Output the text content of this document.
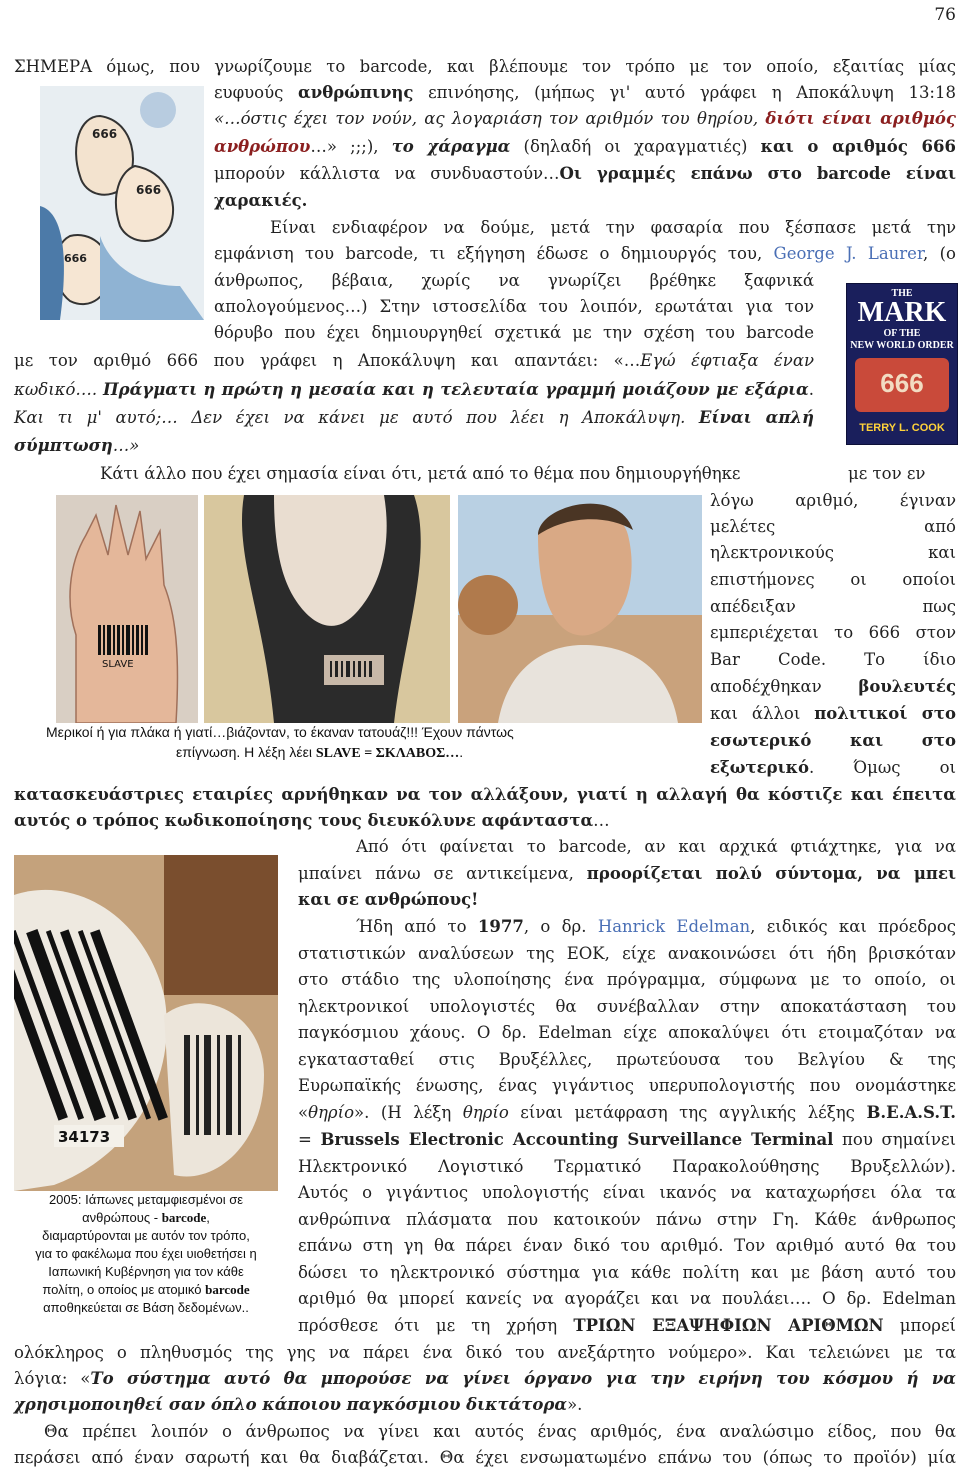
76
666
666
666
ΣΗΜΕΡΑ όμως, που γνωρίζουμε το barcode, και βλέπουμε τον τρόπο με τον οποίο, εξαιτίας μίας
ευφυούς ανθρώπινης επινόησης, (μήπως γι' αυτό γράφει η Αποκάλυψη 13:18
«…όστις έχει τον νούν, ας λογαριάση τον αριθμόν του θηρίου, διότι είναι αριθμός
ανθρώπου…» ;;;), το χάραγμα (δηλαδή οι χαραγματιές) και ο αριθμός 666
μπορούν κάλλιστα να συνδυαστούν…Οι γραμμές επάνω στο barcode είναι
χαρακιές.
Είναι ενδιαφέρον να δούμε, μετά την φασαρία που ξέσπασε μετά την
εμφάνιση του barcode, τι εξήγηση έδωσε ο δημιουργός του, George J. Laurer, (ο
άνθρωπος, βέβαια, χωρίς να γνωρίζει βρέθηκε ξαφνικά
απολογούμενος…) Στην ιστοσελίδα του λοιπόν, ερωτάται για τον
θόρυβο που έχει δημιουργηθεί σχετικά με την σχέση του barcode
με τον αριθμό 666 που γράφει η Αποκάλυψη και απαντάει: «…Εγώ έφτιαξα έναν
κωδικό…. Πράγματι η πρώτη η μεσαία και η τελευταία γραμμή μοιάζουν με εξάρια.
Και τι μ' αυτό;… Δεν έχει να κάνει με αυτό που λέει η Αποκάλυψη. Είναι απλή
σύμπτωση…»
THE
MARK
OF THE
NEW WORLD ORDER
666
TERRY L. COOK
Κάτι άλλο που έχει σημασία είναι ότι, μετά από το θέμα που δημιουργήθηκε	με τον εν
SLAVE
Μερικοί ή για πλάκα ή γιατί…βιάζονταν, το έκαναν τατουάζ!!! Έχουν πάντως
επίγνωση. Η λέξη λέει SLAVE = ΣΚΛΑΒΟΣ….
λόγω αριθμό, έγιναν
μελέτες από
ηλεκτρονικούς και
επιστήμονες οι οποίοι
απέδειξαν πως
εμπεριέχεται το 666 στον
Bar Code. Το ίδιο
αποδέχθηκαν βουλευτές
και άλλοι πολιτικοί στο
εσωτερικό και στο
εξωτερικό. Όμως οι
κατασκευάστριες εταιρίες αρνήθηκαν να τον αλλάξουν, γιατί η αλλαγή θα κόστιζε και έπειτα
αυτός ο τρόπος κωδικοποίησης τους διευκόλυνε αφάνταστα…
34173
2005: Ιάπωνες μεταμφιεσμένοι σε
ανθρώπους - barcode,
διαμαρτύρονται με αυτόν τον τρόπο,
για το φακέλωμα που έχει υιοθετήσει η
Ιαπωνική Κυβέρνηση για τον κάθε
πολίτη, ο οποίος με ατομικό barcode
αποθηκεύεται σε Βάση δεδομένων..
Από ότι φαίνεται το barcode, αν και αρχικά φτιάχτηκε, για να
μπαίνει πάνω σε αντικείμενα, προορίζεται πολύ σύντομα, να μπει
και σε ανθρώπους!
Ήδη από το 1977, ο δρ. Hanrick Edelman, ειδικός και πρόεδρος
στατιστικών αναλύσεων της ΕΟΚ, είχε ανακοινώσει ότι ήδη βρισκόταν
στο στάδιο της υλοποίησης ένα πρόγραμμα, σύμφωνα με το οποίο, οι
ηλεκτρονικοί υπολογιστές θα συνέβαλλαν στην αποκατάσταση του
παγκόσμιου χάους. Ο δρ. Edelman είχε αποκαλύψει ότι ετοιμαζόταν να
εγκατασταθεί στις Βρυξέλλες, πρωτεύουσα του Βελγίου & της
Ευρωπαϊκής ένωσης, ένας γιγάντιος υπερυπολογιστής που ονομάστηκε
«θηρίο». (Η λέξη θηρίο είναι μετάφραση της αγγλικής λέξης B.E.A.S.T.
= Brussels Electronic Accounting Surveillance Terminal που σημαίνει
Ηλεκτρονικό Λογιστικό Τερματικό Παρακολούθησης Βρυξελλών).
Αυτός ο γιγάντιος υπολογιστής είναι ικανός να καταχωρήσει όλα τα
ανθρώπινα πλάσματα που κατοικούν πάνω στην Γη. Κάθε άνθρωπος
επάνω στη γη θα πάρει έναν δικό του αριθμό. Τον αριθμό αυτό θα του
δώσει το ηλεκτρονικό σύστημα για κάθε πολίτη και με βάση αυτό του
αριθμό θα μπορεί κανείς να αγοράζει και να πουλάει…. Ο δρ. Edelman
πρόσθεσε ότι με τη χρήση ΤΡΙΩΝ ΕΞΑΨΗΦΙΩΝ ΑΡΙΘΜΩΝ μπορεί
ολόκληρος ο πληθυσμός της γης να πάρει ένα δικό του ανεξάρτητο νούμερο». Και τελειώνει με τα
λόγια: «Το σύστημα αυτό θα μπορούσε να γίνει όργανο για την ειρήνη του κόσμου ή να
χρησιμοποιηθεί σαν όπλο κάποιου παγκόσμιου δικτάτορα».
Θα πρέπει λοιπόν ο άνθρωπος να γίνει και αυτός ένας αριθμός, ένα αναλώσιμο είδος, που θα
περάσει από έναν σαρωτή και θα διαβάζεται. Θα έχει ενσωματωμένο επάνω του (όπως το προϊόν) μία
